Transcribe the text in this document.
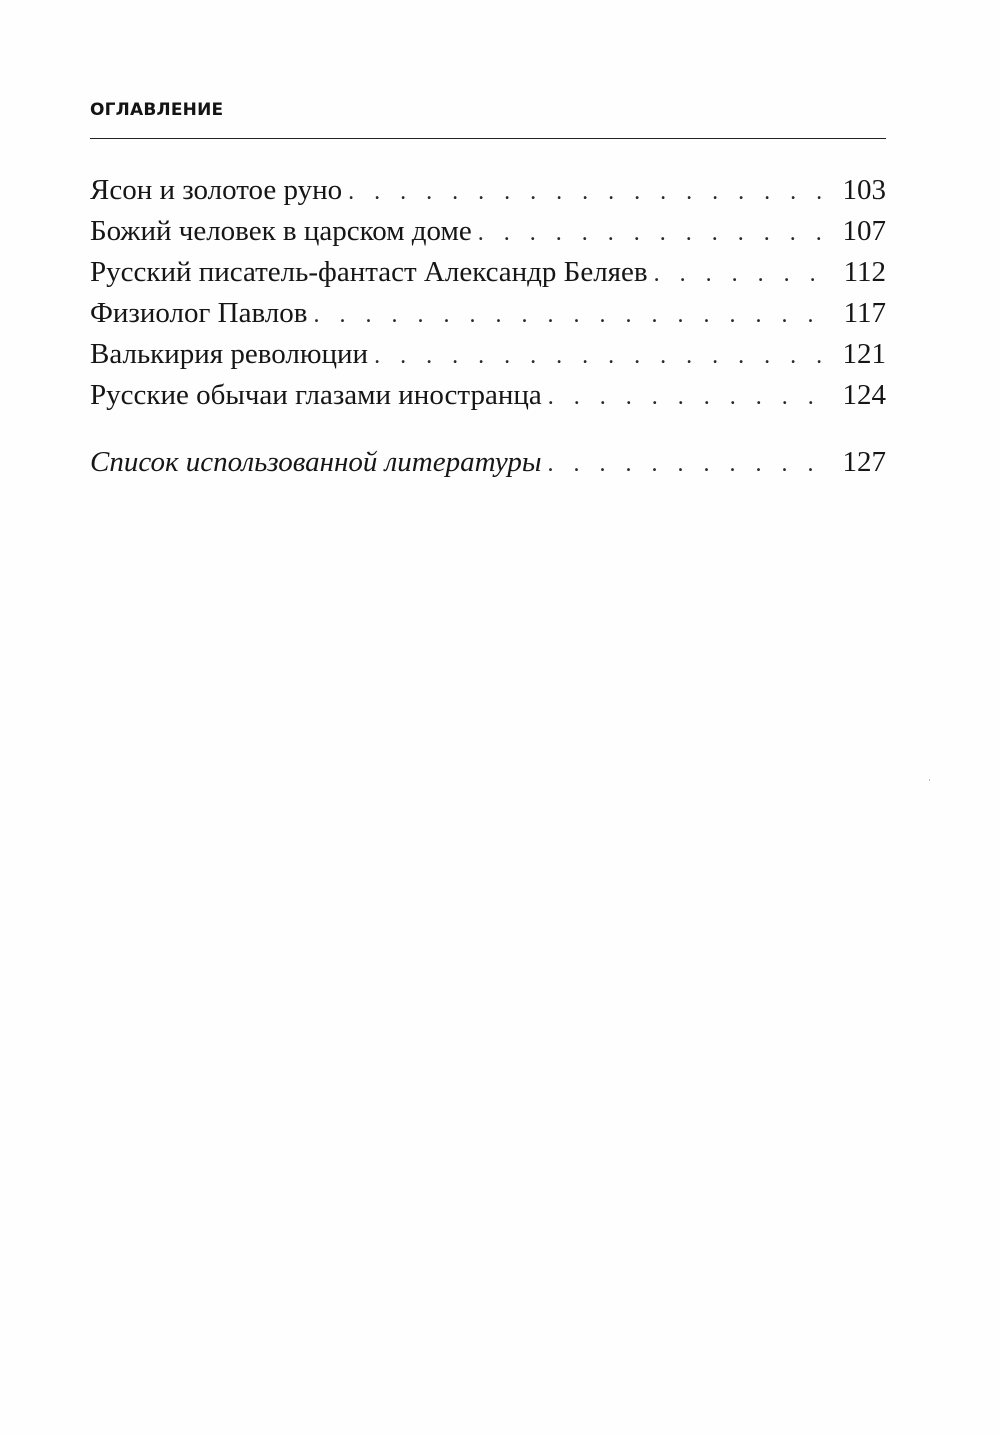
ОГЛАВЛЕНИЕ
Ясон и золотое руно . . .	103
Божий человек в царском доме . . .	107
Русский писатель-фантаст Александр Беляев . . .	112
Физиолог Павлов . . .	117
Валькирия революции . . .	121
Русские обычаи глазами иностранца . . .	124
Список использованной литературы . . .	127
